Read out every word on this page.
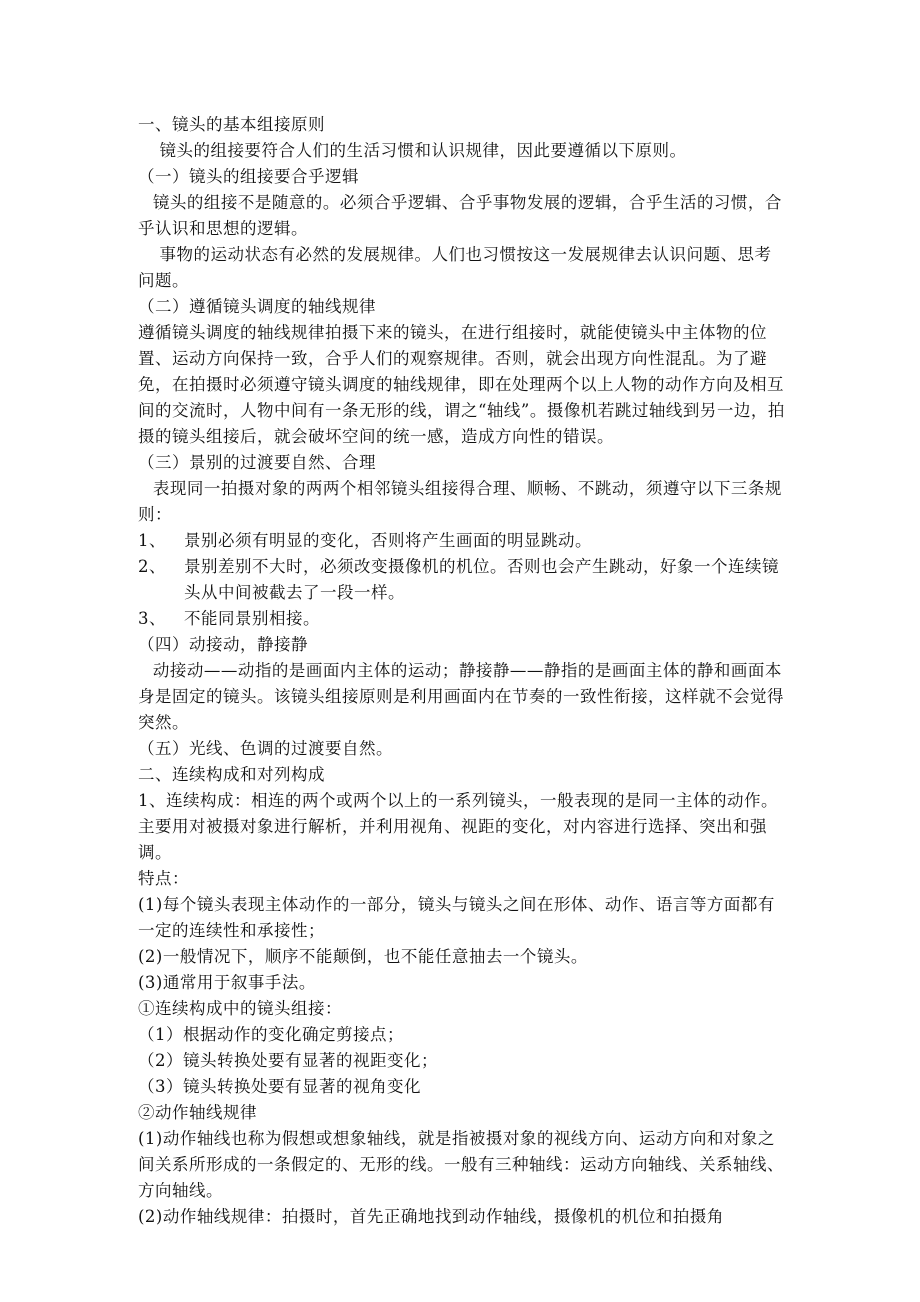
一、镜头的基本组接原则

镜头的组接要符合人们的生活习惯和认识规律，因此要遵循以下原则。

（一）镜头的组接要合乎逻辑

镜头的组接不是随意的。必须合乎逻辑、合乎事物发展的逻辑，合乎生活的习惯，合乎认识和思想的逻辑。

事物的运动状态有必然的发展规律。人们也习惯按这一发展规律去认识问题、思考问题。

（二）遵循镜头调度的轴线规律

遵循镜头调度的轴线规律拍摄下来的镜头，在进行组接时，就能使镜头中主体物的位置、运动方向保持一致，合乎人们的观察规律。否则，就会出现方向性混乱。为了避免，在拍摄时必须遵守镜头调度的轴线规律，即在处理两个以上人物的动作方向及相互间的交流时，人物中间有一条无形的线，谓之“轴线”。摄像机若跳过轴线到另一边，拍摄的镜头组接后，就会破坏空间的统一感，造成方向性的错误。

（三）景别的过渡要自然、合理

表现同一拍摄对象的两两个相邻镜头组接得合理、顺畅、不跳动，须遵守以下三条规则：

1、	景别必须有明显的变化，否则将产生画面的明显跳动。
2、	景别差别不大时，必须改变摄像机的机位。否则也会产生跳动，好象一个连续镜头从中间被截去了一段一样。
3、	不能同景别相接。

（四）动接动，静接静

动接动——动指的是画面内主体的运动；静接静——静指的是画面主体的静和画面本身是固定的镜头。该镜头组接原则是利用画面内在节奏的一致性衔接，这样就不会觉得突然。

（五）光线、色调的过渡要自然。

二、连续构成和对列构成

1、连续构成：相连的两个或两个以上的一系列镜头，一般表现的是同一主体的动作。主要用对被摄对象进行解析，并利用视角、视距的变化，对内容进行选择、突出和强调。

特点：

(1)每个镜头表现主体动作的一部分，镜头与镜头之间在形体、动作、语言等方面都有一定的连续性和承接性；

(2)一般情况下，顺序不能颠倒，也不能任意抽去一个镜头。

(3)通常用于叙事手法。

①连续构成中的镜头组接：

（1）根据动作的变化确定剪接点；

（2）镜头转换处要有显著的视距变化；

（3）镜头转换处要有显著的视角变化

②动作轴线规律

(1)动作轴线也称为假想或想象轴线，就是指被摄对象的视线方向、运动方向和对象之间关系所形成的一条假定的、无形的线。一般有三种轴线：运动方向轴线、关系轴线、方向轴线。

(2)动作轴线规律：拍摄时，首先正确地找到动作轴线，摄像机的机位和拍摄角
